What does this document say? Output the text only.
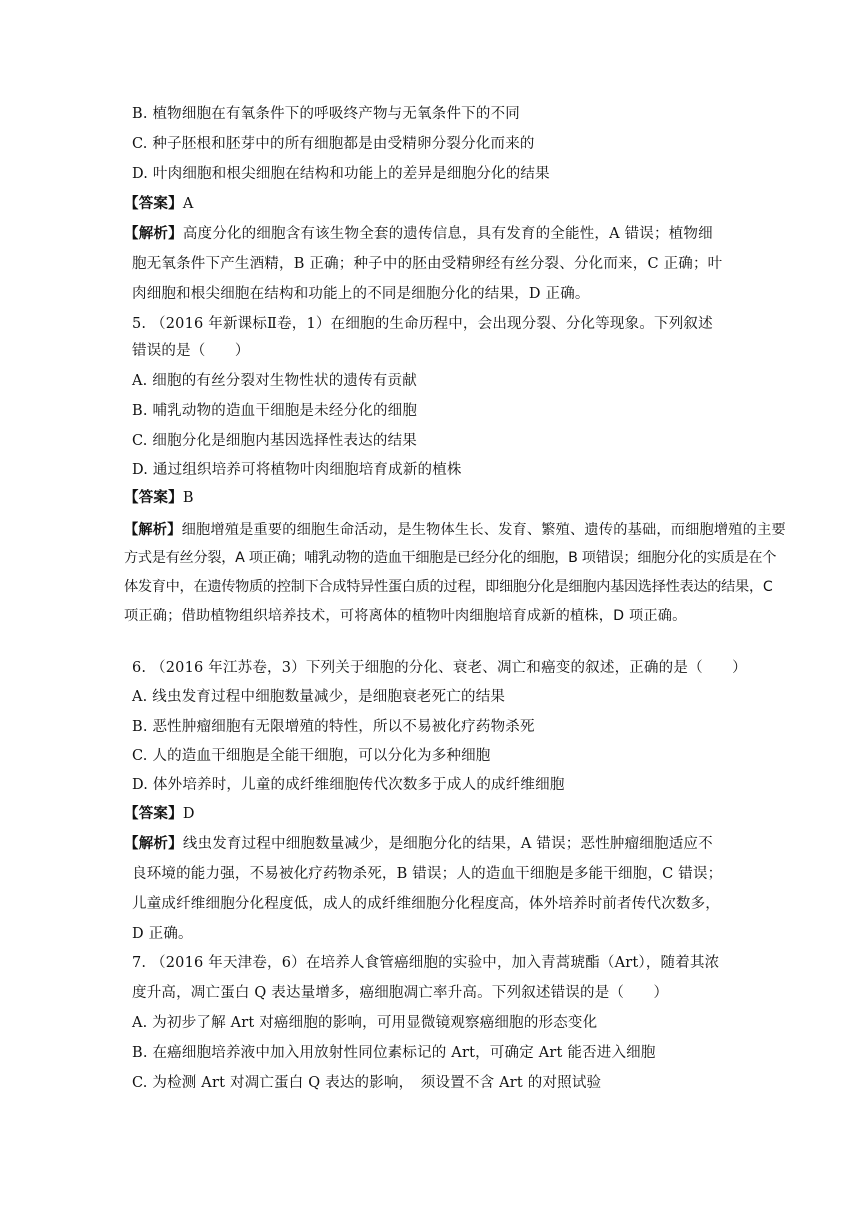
B. 植物细胞在有氧条件下的呼吸终产物与无氧条件下的不同
C. 种子胚根和胚芽中的所有细胞都是由受精卵分裂分化而来的
D. 叶肉细胞和根尖细胞在结构和功能上的差异是细胞分化的结果
【答案】A
【解析】高度分化的细胞含有该生物全套的遗传信息，具有发育的全能性，A 错误；植物细
胞无氧条件下产生酒精，B 正确；种子中的胚由受精卵经有丝分裂、分化而来，C 正确；叶
肉细胞和根尖细胞在结构和功能上的不同是细胞分化的结果，D 正确。
5. （2016 年新课标Ⅱ卷，1）在细胞的生命历程中，会出现分裂、分化等现象。下列叙述
错误的是（　　）
A. 细胞的有丝分裂对生物性状的遗传有贡献
B. 哺乳动物的造血干细胞是未经分化的细胞
C. 细胞分化是细胞内基因选择性表达的结果
D. 通过组织培养可将植物叶肉细胞培育成新的植株
【答案】B
【解析】细胞增殖是重要的细胞生命活动，是生物体生长、发育、繁殖、遗传的基础，而细胞增殖的主要
方式是有丝分裂，A 项正确；哺乳动物的造血干细胞是已经分化的细胞，B 项错误；细胞分化的实质是在个
体发育中，在遗传物质的控制下合成特异性蛋白质的过程，即细胞分化是细胞内基因选择性表达的结果，C
项正确；借助植物组织培养技术，可将离体的植物叶肉细胞培育成新的植株，D 项正确。
6. （2016 年江苏卷，3）下列关于细胞的分化、衰老、凋亡和癌变的叙述，正确的是（　　）
A. 线虫发育过程中细胞数量减少，是细胞衰老死亡的结果
B. 恶性肿瘤细胞有无限增殖的特性，所以不易被化疗药物杀死
C. 人的造血干细胞是全能干细胞，可以分化为多种细胞
D. 体外培养时，儿童的成纤维细胞传代次数多于成人的成纤维细胞
【答案】D
【解析】线虫发育过程中细胞数量减少，是细胞分化的结果，A 错误；恶性肿瘤细胞适应不
良环境的能力强，不易被化疗药物杀死，B 错误；人的造血干细胞是多能干细胞，C 错误；
儿童成纤维细胞分化程度低，成人的成纤维细胞分化程度高，体外培养时前者传代次数多，
D 正确。
7. （2016 年天津卷，6）在培养人食管癌细胞的实验中，加入青蒿琥酯（Art），随着其浓
度升高，凋亡蛋白 Q 表达量增多，癌细胞凋亡率升高。下列叙述错误的是（　　）
A. 为初步了解 Art 对癌细胞的影响，可用显微镜观察癌细胞的形态变化
B. 在癌细胞培养液中加入用放射性同位素标记的 Art，可确定 Art 能否进入细胞
C. 为检测 Art 对凋亡蛋白 Q 表达的影响，　须设置不含 Art 的对照试验
